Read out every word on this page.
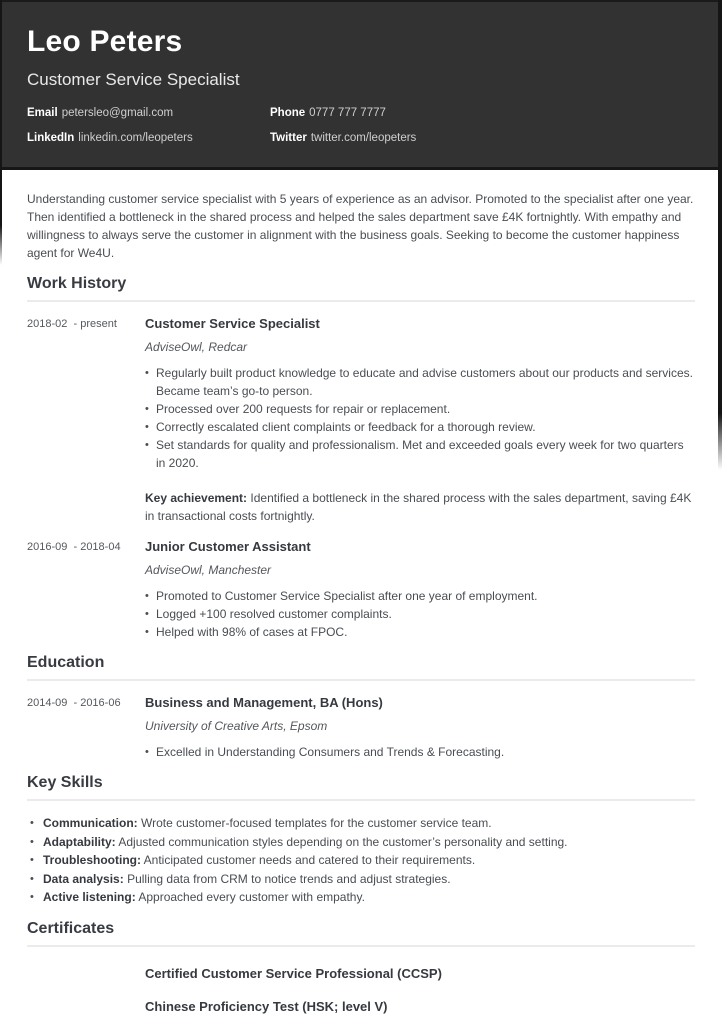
Leo Peters
Customer Service Specialist
Email petersleo@gmail.com	Phone 0777 777 7777
LinkedIn linkedin.com/leopeters	Twitter twitter.com/leopeters

Understanding customer service specialist with 5 years of experience as an advisor. Promoted to the specialist after one year. Then identified a bottleneck in the shared process and helped the sales department save £4K fortnightly. With empathy and willingness to always serve the customer in alignment with the business goals. Seeking to become the customer happiness agent for We4U.

Work History
2018-02  - present	Customer Service Specialist
AdviseOwl, Redcar
• Regularly built product knowledge to educate and advise customers about our products and services. Became team’s go-to person.
• Processed over 200 requests for repair or replacement.
• Correctly escalated client complaints or feedback for a thorough review.
• Set standards for quality and professionalism. Met and exceeded goals every week for two quarters in 2020.

Key achievement: Identified a bottleneck in the shared process with the sales department, saving £4K in transactional costs fortnightly.

2016-09  - 2018-04	Junior Customer Assistant
AdviseOwl, Manchester
• Promoted to Customer Service Specialist after one year of employment.
• Logged +100 resolved customer complaints.
• Helped with 98% of cases at FPOC.
Education
2014-09  - 2016-06	Business and Management, BA (Hons)
University of Creative Arts, Epsom
• Excelled in Understanding Consumers and Trends & Forecasting.
Key Skills
• Communication: Wrote customer-focused templates for the customer service team.
• Adaptability: Adjusted communication styles depending on the customer’s personality and setting.
• Troubleshooting: Anticipated customer needs and catered to their requirements.
• Data analysis: Pulling data from CRM to notice trends and adjust strategies.
• Active listening: Approached every customer with empathy.
Certificates
Certified Customer Service Professional (CCSP)
Chinese Proficiency Test (HSK; level V)
